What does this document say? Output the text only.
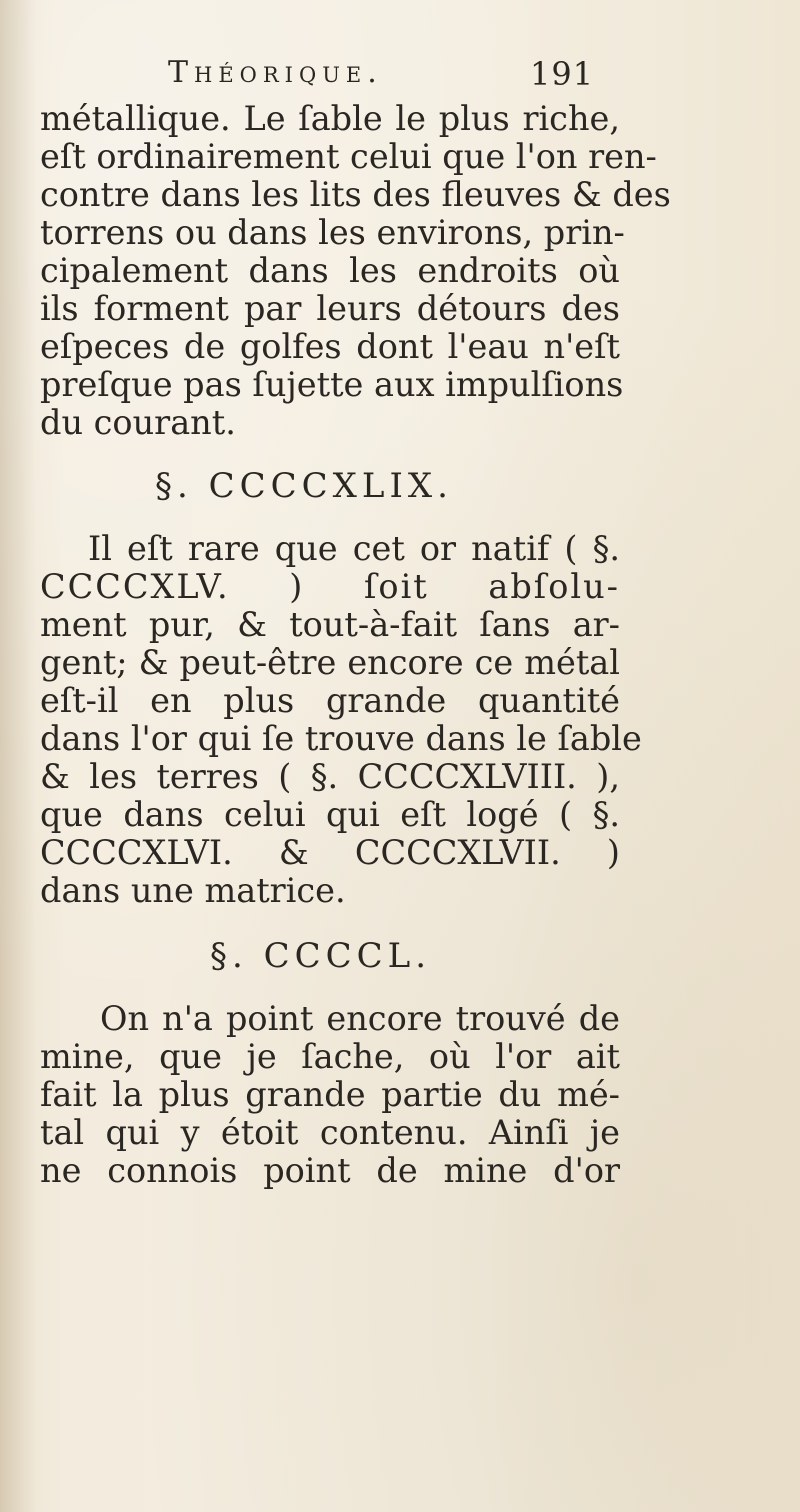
Théorique.	191
métallique. Le ſable le plus riche,
eſt ordinairement celui que l'on ren-
contre dans les lits des fleuves & des
torrens ou dans les environs, prin-
cipalement dans les endroits où
ils forment par leurs détours des
eſpeces de golfes dont l'eau n'eſt
preſque pas ſujette aux impulſions
du courant.
§. CCCCXLIX.
Il eſt rare que cet or natif ( §.
CCCCXLV. ) ſoit abſolu-
ment pur, & tout-à-fait ſans ar-
gent; & peut-être encore ce métal
eſt-il en plus grande quantité
dans l'or qui ſe trouve dans le ſable
& les terres ( §. CCCCXLVIII. ),
que dans celui qui eſt logé ( §.
CCCCXLVI. & CCCCXLVII. )
dans une matrice.
§. CCCCL.
On n'a point encore trouvé de
mine, que je ſache, où l'or ait
fait la plus grande partie du mé-
tal qui y étoit contenu. Ainſi je
ne connois point de mine d'or
